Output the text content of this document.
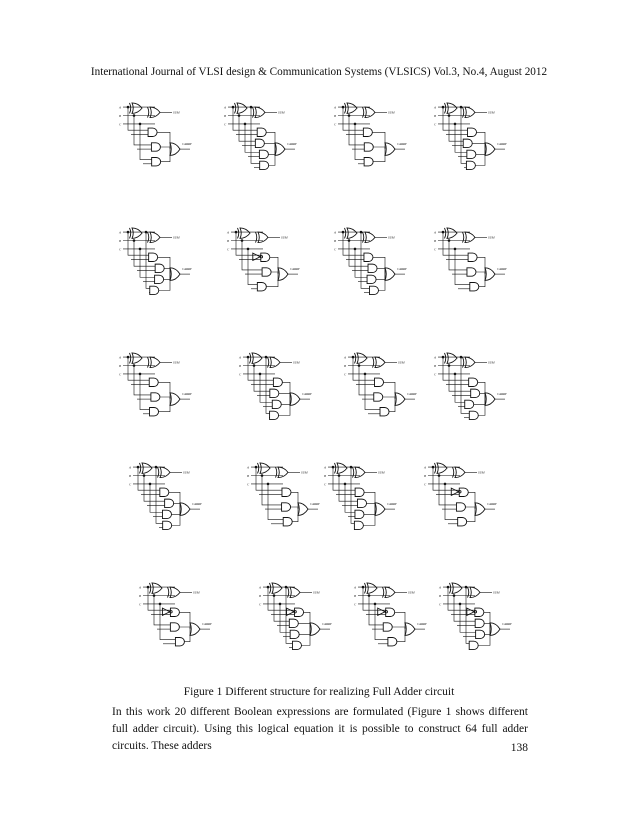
International Journal of VLSI design & Communication Systems (VLSICS) Vol.3, No.4, August 2012
A
B
C
SUM
CARRY
A
B
C
SUM
CARRY
A
B
C
SUM
CARRY
A
B
C
SUM
CARRY
A
B
C
SUM
CARRY
A
B
C
SUM
CARRY
A
B
C
SUM
CARRY
A
B
C
SUM
CARRY
A
B
C
SUM
CARRY
A
B
C
SUM
CARRY
A
B
C
SUM
CARRY
A
B
C
SUM
CARRY
A
B
C
SUM
CARRY
A
B
C
SUM
CARRY
A
B
C
SUM
CARRY
A
B
C
SUM
CARRY
A
B
C
SUM
CARRY
A
B
C
SUM
CARRY
A
B
C
SUM
CARRY
A
B
C
SUM
CARRY
Figure 1 Different structure for realizing Full Adder circuit
In this work 20 different Boolean expressions are formulated (Figure 1 shows different full adder circuit). Using this logical equation it is possible to construct 64 full adder circuits. These adders	138
